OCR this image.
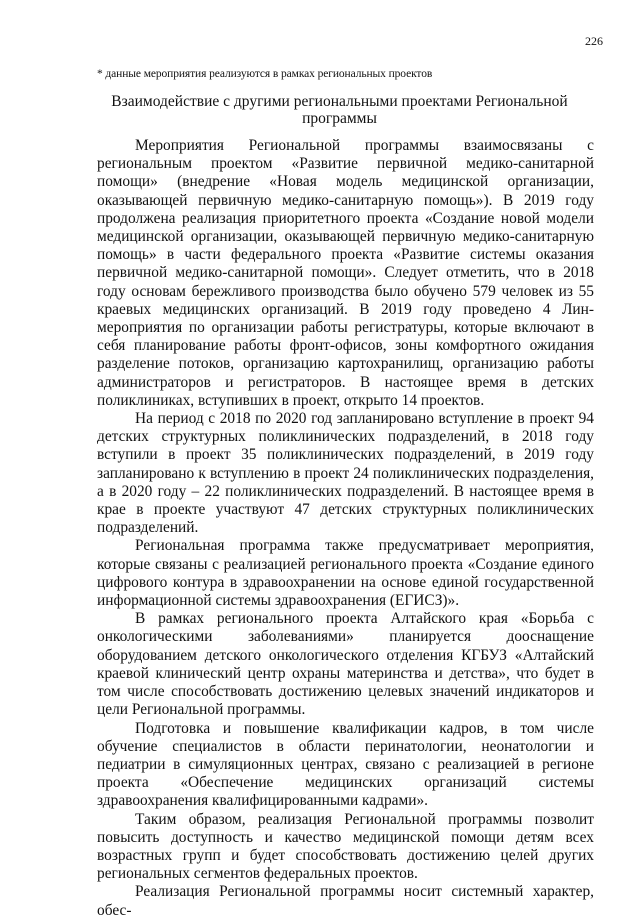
226
* данные мероприятия реализуются в рамках региональных проектов
Взаимодействие с другими региональными проектами Региональной программы

Мероприятия Региональной программы взаимосвязаны с региональным проектом «Развитие первичной медико-санитарной помощи» (внедрение «Новая модель медицинской организации, оказывающей первичную медико-санитарную помощь»). В 2019 году продолжена реализация приоритетного проекта «Создание новой модели медицинской организации, оказывающей первичную медико-санитарную помощь» в части федерального проекта «Развитие системы оказания первичной медико-санитарной помощи». Следует отметить, что в 2018 году основам бережливого производства было обучено 579 человек из 55 краевых медицинских организаций. В 2019 году проведено 4 Лин-мероприятия по организации работы регистратуры, которые включают в себя планирование работы фронт-офисов, зоны комфортного ожидания разделение потоков, организацию картохранилищ, организацию работы администраторов и регистраторов. В настоящее время в детских поликлиниках, вступивших в проект, открыто 14 проектов.

На период с 2018 по 2020 год запланировано вступление в проект 94 детских структурных поликлинических подразделений, в 2018 году вступили в проект 35 поликлинических подразделений, в 2019 году запланировано к вступлению в проект 24 поликлинических подразделения, а в 2020 году – 22 поликлинических подразделений. В настоящее время в крае в проекте участвуют 47 детских структурных поликлинических подразделений.

Региональная программа также предусматривает мероприятия, которые связаны с реализацией регионального проекта «Создание единого цифрового контура в здравоохранении на основе единой государственной информационной системы здравоохранения (ЕГИСЗ)».

В рамках регионального проекта Алтайского края «Борьба с онкологическими заболеваниями» планируется дооснащение оборудованием детского онкологического отделения КГБУЗ «Алтайский краевой клинический центр охраны материнства и детства», что будет в том числе способствовать достижению целевых значений индикаторов и цели Региональной программы.

Подготовка и повышение квалификации кадров, в том числе обучение специалистов в области перинатологии, неонатологии и педиатрии в симуляционных центрах, связано с реализацией в регионе проекта «Обеспечение медицинских организаций системы здравоохранения квалифицированными кадрами».

Таким образом, реализация Региональной программы позволит повысить доступность и качество медицинской помощи детям всех возрастных групп и будет способствовать достижению целей других региональных сегментов федеральных проектов.

Реализация Региональной программы носит системный характер, обес-
